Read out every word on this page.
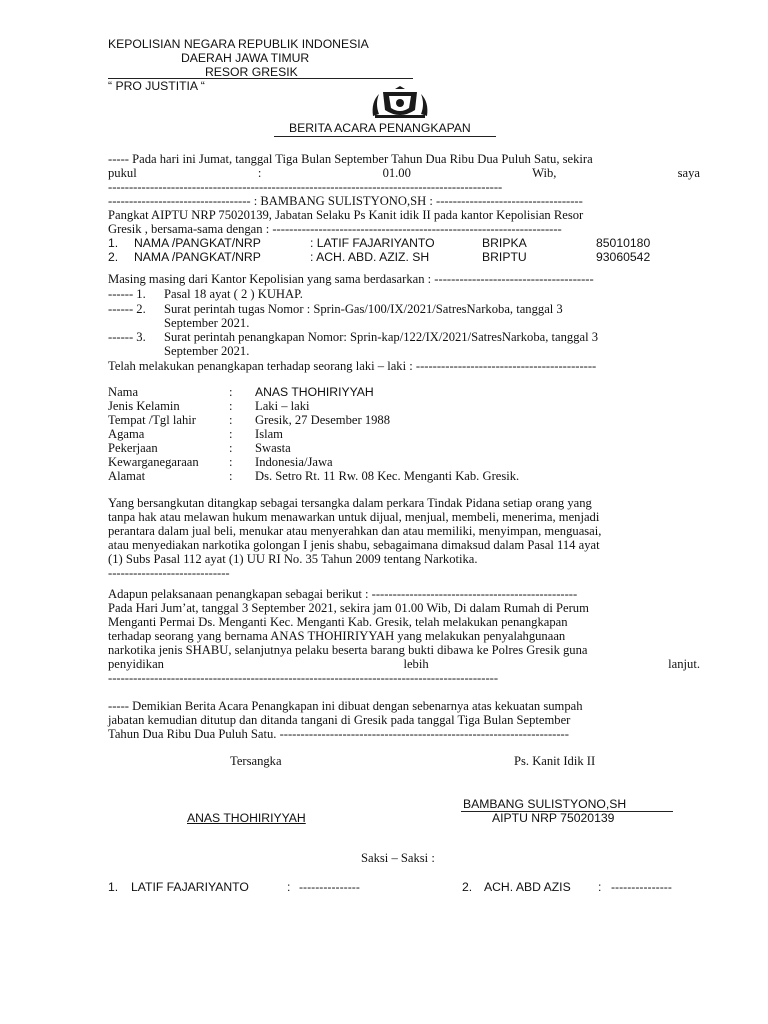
KEPOLISIAN NEGARA REPUBLIK INDONESIA
DAERAH JAWA TIMUR
RESOR GRESIK
“ PRO JUSTITIA “
BERITA ACARA PENANGKAPAN
----- Pada hari ini Jumat, tanggal Tiga Bulan September Tahun Dua Ribu Dua Puluh Satu, sekira
pukul	:	01.00	Wib,	saya
----------------------------------------------------------------------------------------------
---------------------------------- : BAMBANG SULISTYONO,SH : -----------------------------------
Pangkat AIPTU NRP 75020139, Jabatan Selaku Ps Kanit idik II pada kantor Kepolisian Resor
Gresik , bersama-sama dengan : ---------------------------------------------------------------------
1. NAMA /PANGKAT/NRP	: LATIF FAJARIYANTO	BRIPKA	85010180
2. NAMA /PANGKAT/NRP	: ACH. ABD. AZIZ. SH	BRIPTU	93060542
Masing masing dari Kantor Kepolisian yang sama berdasarkan : --------------------------------------
------ 1. Pasal 18 ayat ( 2 ) KUHAP.
------ 2. Surat perintah tugas Nomor : Sprin-Gas/100/IX/2021/SatresNarkoba, tanggal 3
September 2021.
------ 3. Surat perintah penangkapan Nomor: Sprin-kap/122/IX/2021/SatresNarkoba, tanggal 3
September 2021.
Telah melakukan penangkapan terhadap seorang laki – laki : -------------------------------------------
Nama	: ANAS THOHIRIYYAH
Jenis Kelamin	: Laki – laki
Tempat /Tgl lahir	: Gresik, 27 Desember 1988
Agama	: Islam
Pekerjaan	: Swasta
Kewarganegaraan : Indonesia/Jawa
Alamat	: Ds. Setro Rt. 11 Rw. 08 Kec. Menganti Kab. Gresik.
Yang bersangkutan ditangkap sebagai tersangka dalam perkara Tindak Pidana setiap orang yang
tanpa hak atau melawan hukum menawarkan untuk dijual, menjual, membeli, menerima, menjadi
perantara dalam jual beli, menukar atau menyerahkan dan atau memiliki, menyimpan, menguasai,
atau menyediakan narkotika golongan I jenis shabu, sebagaimana dimaksud dalam Pasal 114 ayat
(1) Subs Pasal 112 ayat (1) UU RI No. 35 Tahun 2009 tentang Narkotika.
-----------------------------
Adapun pelaksanaan penangkapan sebagai berikut : -------------------------------------------------
Pada Hari Jum’at, tanggal 3 September 2021, sekira jam 01.00 Wib, Di dalam Rumah di Perum
Menganti Permai Ds. Menganti Kec. Menganti Kab. Gresik, telah melakukan penangkapan
terhadap seorang yang bernama ANAS THOHIRIYYAH yang melakukan penyalahgunaan
narkotika jenis SHABU, selanjutnya pelaku beserta barang bukti dibawa ke Polres Gresik guna
penyidikan	lebih	lanjut.
---------------------------------------------------------------------------------------------
----- Demikian Berita Acara Penangkapan ini dibuat dengan sebenarnya atas kekuatan sumpah
jabatan kemudian ditutup dan ditanda tangani di Gresik pada tanggal Tiga Bulan September
Tahun Dua Ribu Dua Puluh Satu. ---------------------------------------------------------------------
Tersangka	Ps. Kanit Idik II
BAMBANG SULISTYONO,SH
ANAS THOHIRIYYAH	AIPTU NRP 75020139
Saksi – Saksi :
1. LATIF FAJARIYANTO	: ---------------	2. ACH. ABD AZIS : ---------------
